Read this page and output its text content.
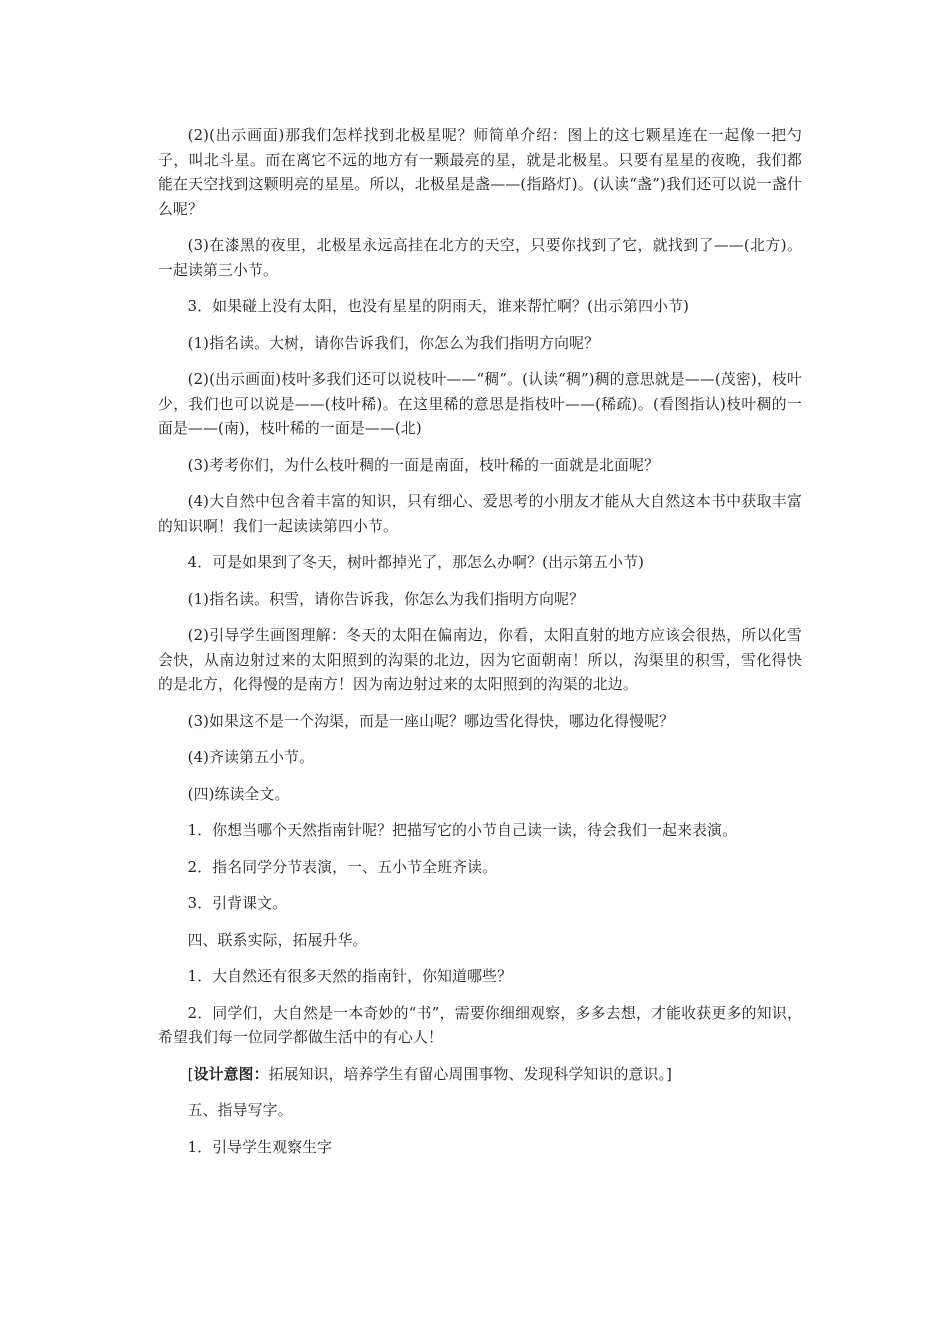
(2)(出示画面)那我们怎样找到北极星呢？师简单介绍：图上的这七颗星连在一起像一把勺子，叫北斗星。而在离它不远的地方有一颗最亮的星，就是北极星。只要有星星的夜晚，我们都能在天空找到这颗明亮的星星。所以，北极星是盏——(指路灯)。(认读“盏”)我们还可以说一盏什么呢？

(3)在漆黑的夜里，北极星永远高挂在北方的天空，只要你找到了它，就找到了——(北方)。一起读第三小节。

3．如果碰上没有太阳，也没有星星的阴雨天，谁来帮忙啊？(出示第四小节)

(1)指名读。大树，请你告诉我们，你怎么为我们指明方向呢？

(2)(出示画面)枝叶多我们还可以说枝叶——“稠”。(认读“稠”)稠的意思就是——(茂密)，枝叶少，我们也可以说是——(枝叶稀)。在这里稀的意思是指枝叶——(稀疏)。(看图指认)枝叶稠的一面是——(南)，枝叶稀的一面是——(北)

(3)考考你们，为什么枝叶稠的一面是南面，枝叶稀的一面就是北面呢？

(4)大自然中包含着丰富的知识，只有细心、爱思考的小朋友才能从大自然这本书中获取丰富的知识啊！我们一起读读第四小节。

4．可是如果到了冬天，树叶都掉光了，那怎么办啊？(出示第五小节)

(1)指名读。积雪，请你告诉我，你怎么为我们指明方向呢？

(2)引导学生画图理解：冬天的太阳在偏南边，你看，太阳直射的地方应该会很热，所以化雪会快，从南边射过来的太阳照到的沟渠的北边，因为它面朝南！所以，沟渠里的积雪，雪化得快的是北方，化得慢的是南方！因为南边射过来的太阳照到的沟渠的北边。

(3)如果这不是一个沟渠，而是一座山呢？哪边雪化得快，哪边化得慢呢？

(4)齐读第五小节。

(四)练读全文。

1．你想当哪个天然指南针呢？把描写它的小节自己读一读，待会我们一起来表演。

2．指名同学分节表演，一、五小节全班齐读。

3．引背课文。

四、联系实际，拓展升华。

1．大自然还有很多天然的指南针，你知道哪些？

2．同学们，大自然是一本奇妙的“书”，需要你细细观察，多多去想，才能收获更多的知识，希望我们每一位同学都做生活中的有心人！

[设计意图：拓展知识，培养学生有留心周围事物、发现科学知识的意识。]

五、指导写字。

1．引导学生观察生字
